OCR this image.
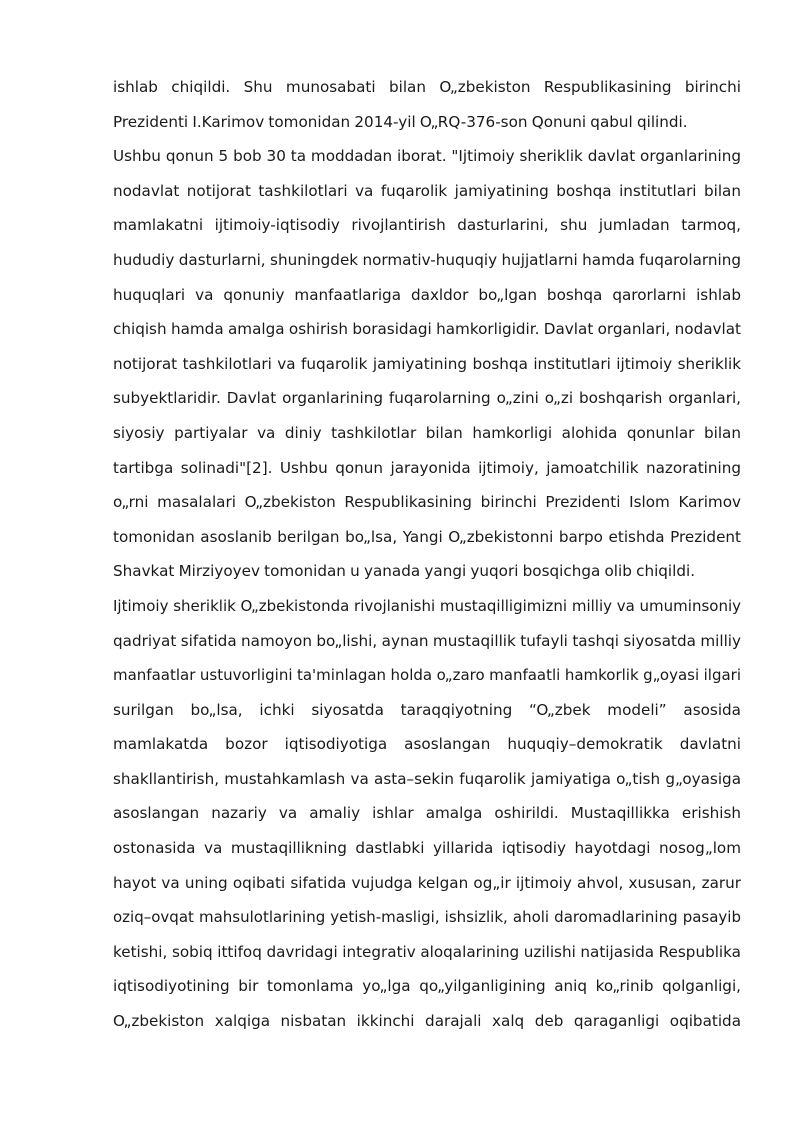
ishlab chiqildi. Shu munosabati bilan O„zbekiston Respublikasining birinchi
Prezidenti I.Karimov tomonidan 2014-yil O„RQ-376-son Qonuni qabul qilindi.
Ushbu qonun 5 bob 30 ta moddadan iborat. "Ijtimoiy sheriklik davlat organlarining
nodavlat notijorat tashkilotlari va fuqarolik jamiyatining boshqa institutlari bilan
mamlakatni ijtimoiy-iqtisodiy rivojlantirish dasturlarini, shu jumladan tarmoq,
hududiy dasturlarni, shuningdek normativ-huquqiy hujjatlarni hamda fuqarolarning
huquqlari va qonuniy manfaatlariga daxldor bo„lgan boshqa qarorlarni ishlab
chiqish hamda amalga oshirish borasidagi hamkorligidir. Davlat organlari, nodavlat
notijorat tashkilotlari va fuqarolik jamiyatining boshqa institutlari ijtimoiy sheriklik
subyektlaridir. Davlat organlarining fuqarolarning o„zini o„zi boshqarish organlari,
siyosiy partiyalar va diniy tashkilotlar bilan hamkorligi alohida qonunlar bilan
tartibga solinadi"[2]. Ushbu qonun jarayonida ijtimoiy, jamoatchilik nazoratining
o„rni masalalari O„zbekiston Respublikasining birinchi Prezidenti Islom Karimov
tomonidan asoslanib berilgan bo„lsa, Yangi O„zbekistonni barpo etishda Prezident
Shavkat Mirziyoyev tomonidan u yanada yangi yuqori bosqichga olib chiqildi.
Ijtimoiy sheriklik O„zbekistonda rivojlanishi mustaqilligimizni milliy va umuminsoniy
qadriyat sifatida namoyon bo„lishi, aynan mustaqillik tufayli tashqi siyosatda milliy
manfaatlar ustuvorligini ta'minlagan holda o„zaro manfaatli hamkorlik g„oyasi ilgari
surilgan bo„lsa, ichki siyosatda taraqqiyotning “O„zbek modeli” asosida
mamlakatda bozor iqtisodiyotiga asoslangan huquqiy–demokratik davlatni
shakllantirish, mustahkamlash va asta–sekin fuqarolik jamiyatiga o„tish g„oyasiga
asoslangan nazariy va amaliy ishlar amalga oshirildi. Mustaqillikka erishish
ostonasida va mustaqillikning dastlabki yillarida iqtisodiy hayotdagi nosog„lom
hayot va uning oqibati sifatida vujudga kelgan og„ir ijtimoiy ahvol, xususan, zarur
oziq–ovqat mahsulotlarining yetish-masligi, ishsizlik, aholi daromadlarining pasayib
ketishi, sobiq ittifoq davridagi integrativ aloqalarining uzilishi natijasida Respublika
iqtisodiyotining bir tomonlama yo„lga qo„yilganligining aniq ko„rinib qolganligi,
O„zbekiston xalqiga nisbatan ikkinchi darajali xalq deb qaraganligi oqibatida
